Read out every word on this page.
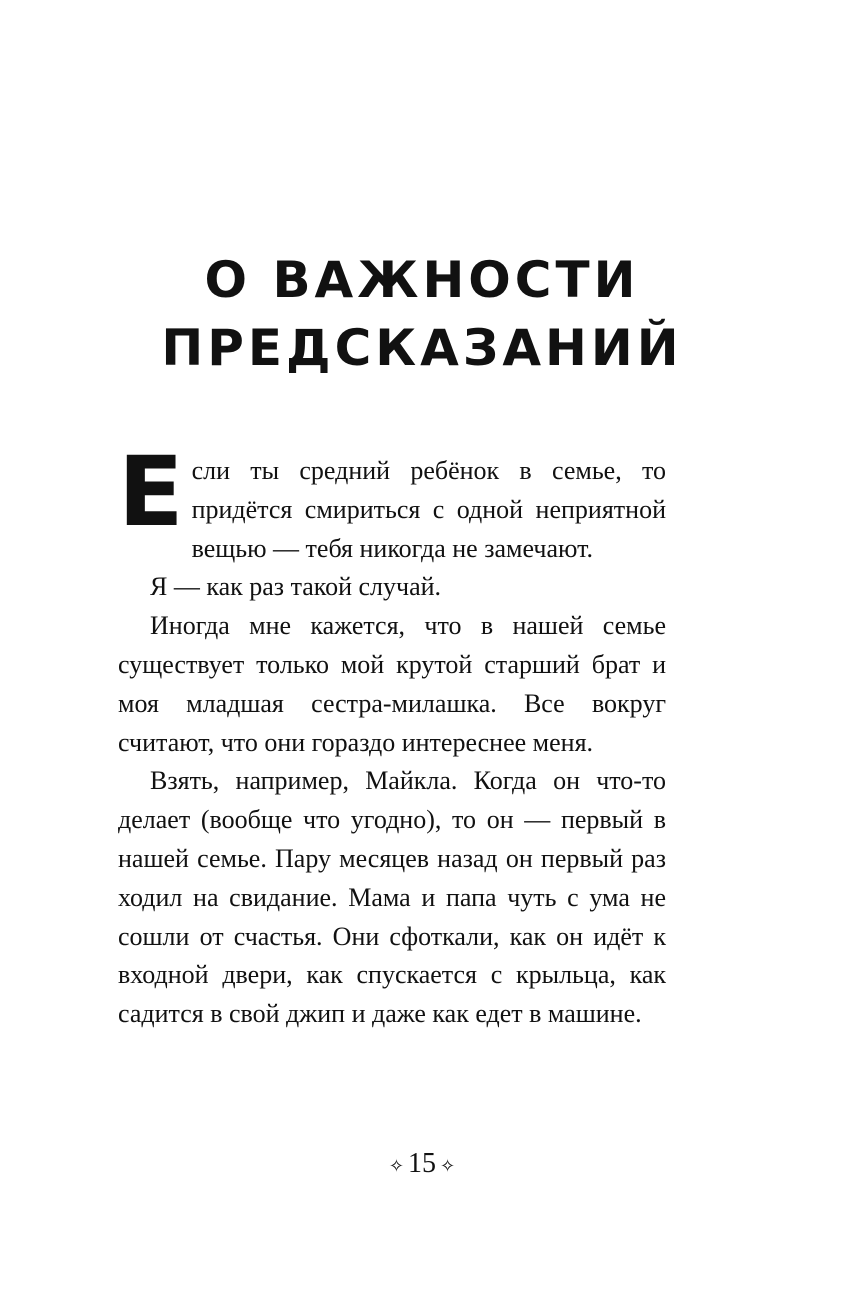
О ВАЖНОСТИ
ПРЕДСКАЗАНИЙ

Если ты средний ребёнок в семье, то придётся смириться с одной неприятной вещью — тебя никогда не замечают.

Я — как раз такой случай.

Иногда мне кажется, что в нашей семье существует только мой крутой старший брат и моя младшая сестра-милашка. Все вокруг считают, что они гораздо интереснее меня.

Взять, например, Майкла. Когда он что-то делает (вообще что угодно), то он — первый в нашей семье. Пару месяцев назад он первый раз ходил на свидание. Мама и папа чуть с ума не сошли от счастья. Они сфоткали, как он идёт к входной двери, как спускается с крыльца, как садится в свой джип и даже как едет в машине.

✧ 15 ✧
